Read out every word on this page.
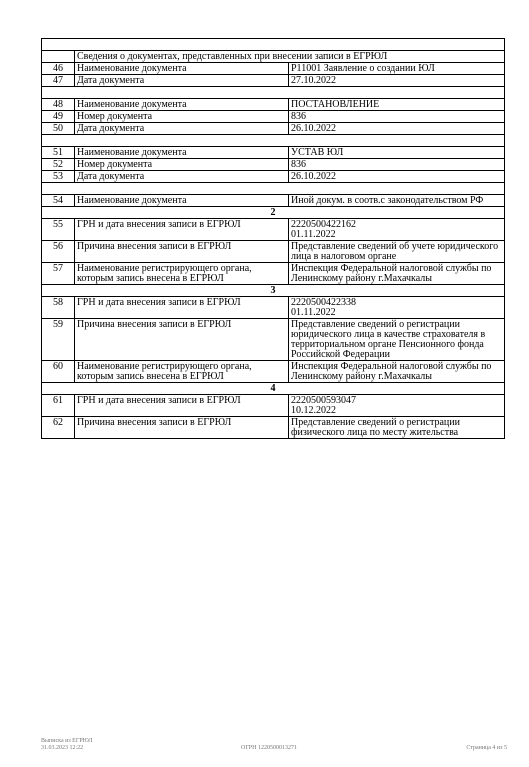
	Сведения о документах, представленных при внесении записи в ЕГРЮЛ	
46	Наименование документа	Р11001 Заявление о создании ЮЛ
47	Дата документа	27.10.2022

48	Наименование документа	ПОСТАНОВЛЕНИЕ
49	Номер документа	836
50	Дата документа	26.10.2022

51	Наименование документа	УСТАВ ЮЛ
52	Номер документа	836
53	Дата документа	26.10.2022

54	Наименование документа	Иной докум. в соотв.с законодательством РФ
2		
55	ГРН и дата внесения записи в ЕГРЮЛ	2220500422162
01.11.2022
56	Причина внесения записи в ЕГРЮЛ	Представление сведений об учете юридического лица в налоговом органе
57	Наименование регистрирующего органа, которым запись внесена в ЕГРЮЛ	Инспекция Федеральной налоговой службы по Ленинскому району г.Махачкалы
3		
58	ГРН и дата внесения записи в ЕГРЮЛ	2220500422338
01.11.2022
59	Причина внесения записи в ЕГРЮЛ	Представление сведений о регистрации юридического лица в качестве страхователя в территориальном органе Пенсионного фонда Российской Федерации
60	Наименование регистрирующего органа, которым запись внесена в ЕГРЮЛ	Инспекция Федеральной налоговой службы по Ленинскому району г.Махачкалы
4		
61	ГРН и дата внесения записи в ЕГРЮЛ	2220500593047
10.12.2022
62	Причина внесения записи в ЕГРЮЛ	Представление сведений о регистрации физического лица по месту жительства
Выписка из ЕГРЮЛ
31.03.2023 12:22	ОГРН 1220500013271	Страница 4 из 5
